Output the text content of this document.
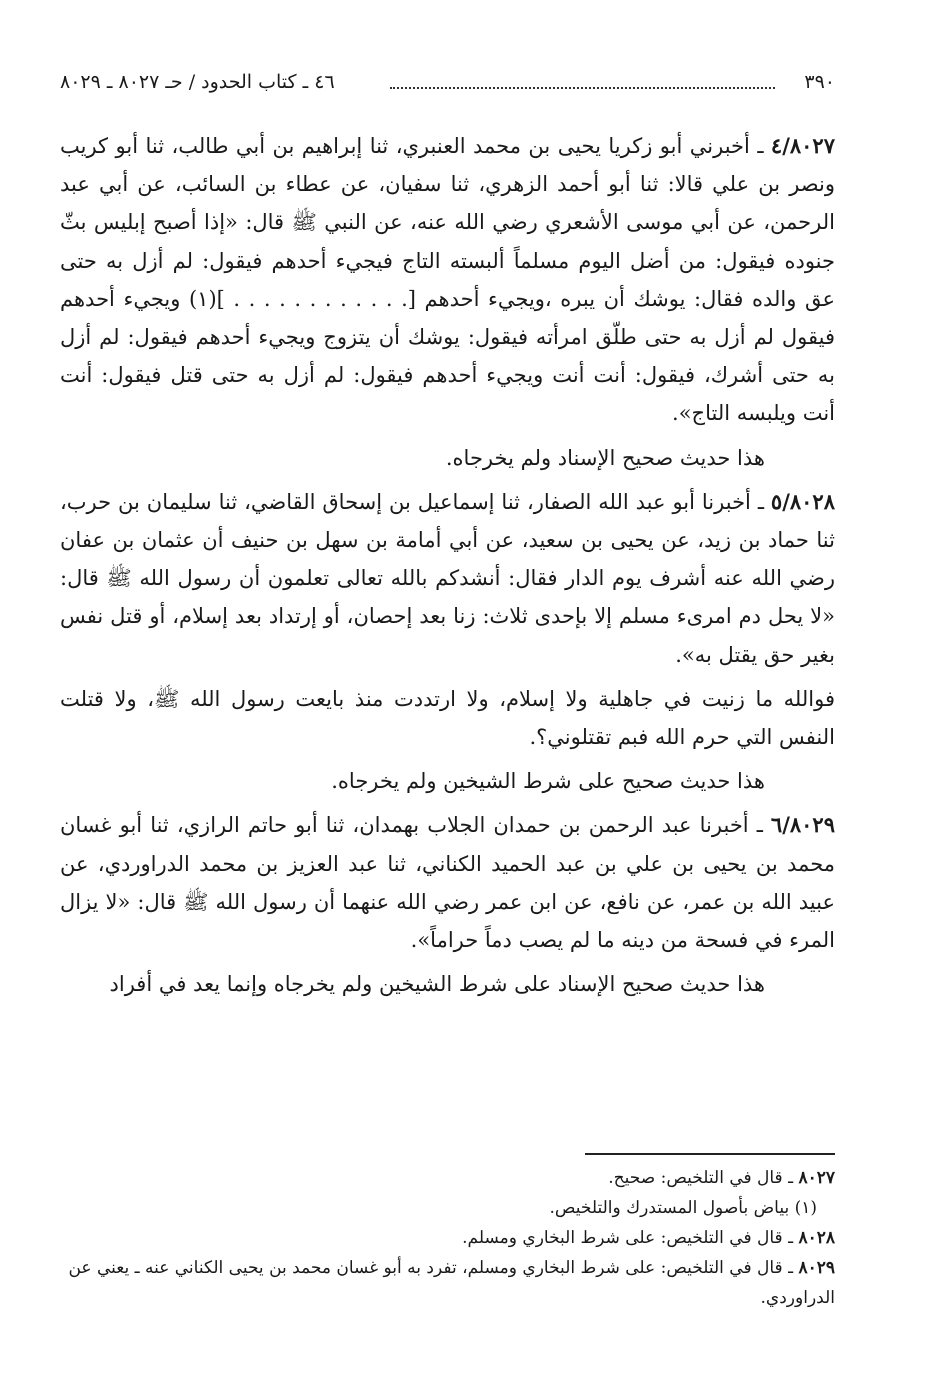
٣٩٠
٤٦ ـ كتاب الحدود / حـ ٨٠٢٧ ـ ٨٠٢٩

٤/٨٠٢٧ ـ أخبرني أبو زكريا يحيى بن محمد العنبري، ثنا إبراهيم بن أبي طالب، ثنا أبو كريب ونصر بن علي قالا: ثنا أبو أحمد الزهري، ثنا سفيان، عن عطاء بن السائب، عن أبي عبد الرحمن، عن أبي موسى الأشعري رضي الله عنه، عن النبي ﷺ قال: «إذا أصبح إبليس بثّ جنوده فيقول: من أضل اليوم مسلماً ألبسته التاج فيجيء أحدهم فيقول: لم أزل به حتى عق والده فقال: يوشك أن يبره ،ويجيء أحدهم [. . . . . . . . . . . . ](١) ويجيء أحدهم فيقول لم أزل به حتى طلّق امرأته فيقول: يوشك أن يتزوج ويجيء أحدهم فيقول: لم أزل به حتى أشرك، فيقول: أنت أنت ويجيء أحدهم فيقول: لم أزل به حتى قتل فيقول: أنت أنت ويلبسه التاج».

هذا حديث صحيح الإسناد ولم يخرجاه.

٥/٨٠٢٨ ـ أخبرنا أبو عبد الله الصفار، ثنا إسماعيل بن إسحاق القاضي، ثنا سليمان بن حرب، ثنا حماد بن زيد، عن يحيى بن سعيد، عن أبي أمامة بن سهل بن حنيف أن عثمان بن عفان رضي الله عنه أشرف يوم الدار فقال: أنشدكم بالله تعالى تعلمون أن رسول الله ﷺ قال: «لا يحل دم امرىء مسلم إلا بإحدى ثلاث: زنا بعد إحصان، أو إرتداد بعد إسلام، أو قتل نفس بغير حق يقتل به».

فوالله ما زنيت في جاهلية ولا إسلام، ولا ارتددت منذ بايعت رسول الله ﷺ، ولا قتلت النفس التي حرم الله فبم تقتلوني؟.

هذا حديث صحيح على شرط الشيخين ولم يخرجاه.

٦/٨٠٢٩ ـ أخبرنا عبد الرحمن بن حمدان الجلاب بهمدان، ثنا أبو حاتم الرازي، ثنا أبو غسان محمد بن يحيى بن علي بن عبد الحميد الكناني، ثنا عبد العزيز بن محمد الدراوردي، عن عبيد الله بن عمر، عن نافع، عن ابن عمر رضي الله عنهما أن رسول الله ﷺ قال: «لا يزال المرء في فسحة من دينه ما لم يصب دماً حراماً».

هذا حديث صحيح الإسناد على شرط الشيخين ولم يخرجاه وإنما يعد في أفراد

٨٠٢٧ ـ قال في التلخيص: صحيح.
(١) بياض بأصول المستدرك والتلخيص.
٨٠٢٨ ـ قال في التلخيص: على شرط البخاري ومسلم.
٨٠٢٩ ـ قال في التلخيص: على شرط البخاري ومسلم، تفرد به أبو غسان محمد بن يحيى الكناني عنه ـ يعني عن الدراوردي.
